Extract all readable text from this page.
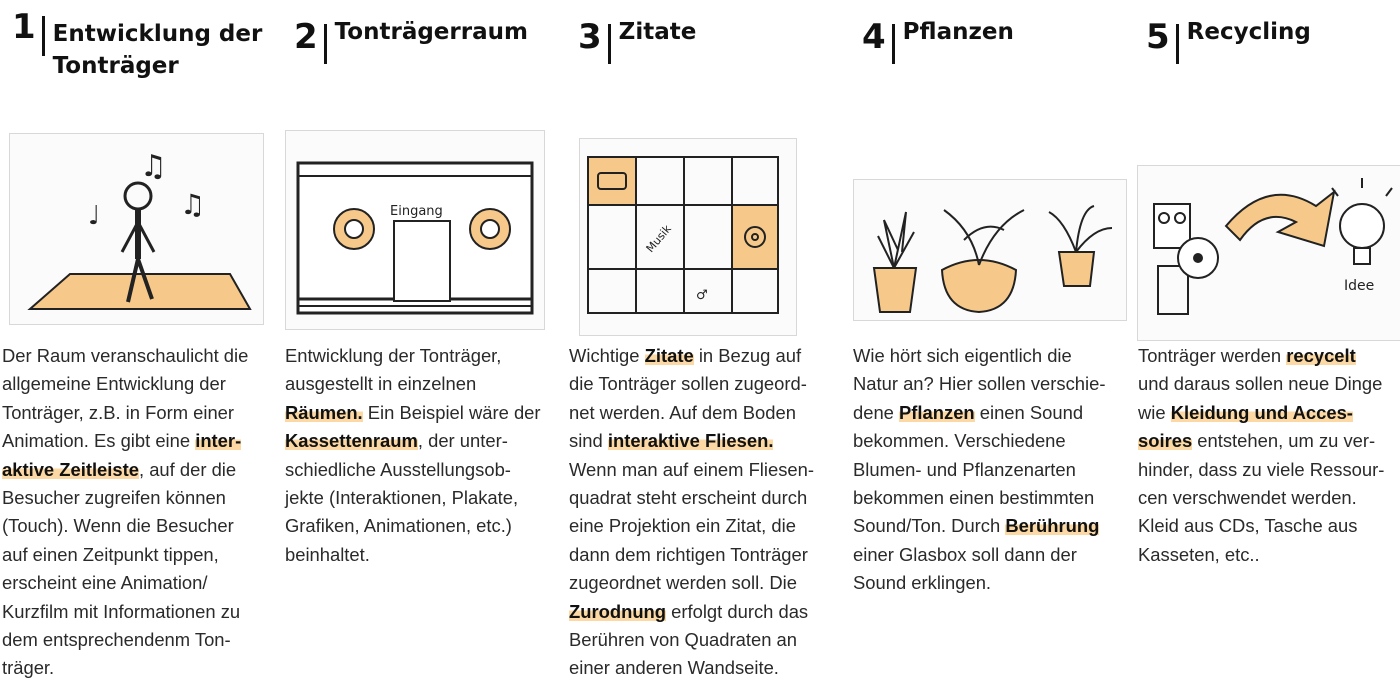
1 Entwicklung der
Tonträger
♫
♩	♫
Der Raum veranschaulicht die
allgemeine Entwicklung der
Tonträger, z.B. in Form einer
Animation. Es gibt eine inter-
aktive Zeitleiste, auf der die
Besucher zugreifen können
(Touch). Wenn die Besucher
auf einen Zeitpunkt tippen,
erscheint eine Animation/
Kurzfilm mit Informationen zu
dem entsprechendenm Ton-
träger.
2 Tonträgerraum
Eingang
Entwicklung der Tonträger,
ausgestellt in einzelnen
Räumen. Ein Beispiel wäre der
Kassettenraum, der unter-
schiedliche Ausstellungsob-
jekte (Interaktionen, Plakate,
Grafiken, Animationen, etc.)
beinhaltet.
3 Zitate
Musik
♂
Wichtige Zitate in Bezug auf
die Tonträger sollen zugeord-
net werden. Auf dem Boden
sind interaktive Fliesen.
Wenn man auf einem Fliesen-
quadrat steht erscheint durch
eine Projektion ein Zitat, die
dann dem richtigen Tonträger
zugeordnet werden soll. Die
Zurodnung erfolgt durch das
Berühren von Quadraten an
einer anderen Wandseite.
4 Pflanzen
Wie hört sich eigentlich die
Natur an? Hier sollen verschie-
dene Pflanzen einen Sound
bekommen. Verschiedene
Blumen- und Pflanzenarten
bekommen einen bestimmten
Sound/Ton. Durch Berührung
einer Glasbox soll dann der
Sound erklingen.
5 Recycling
Idee
Tonträger werden recycelt
und daraus sollen neue Dinge
wie Kleidung und Acces-
soires entstehen, um zu ver-
hinder, dass zu viele Ressour-
cen verschwendet werden.
Kleid aus CDs, Tasche aus
Kasseten, etc..
